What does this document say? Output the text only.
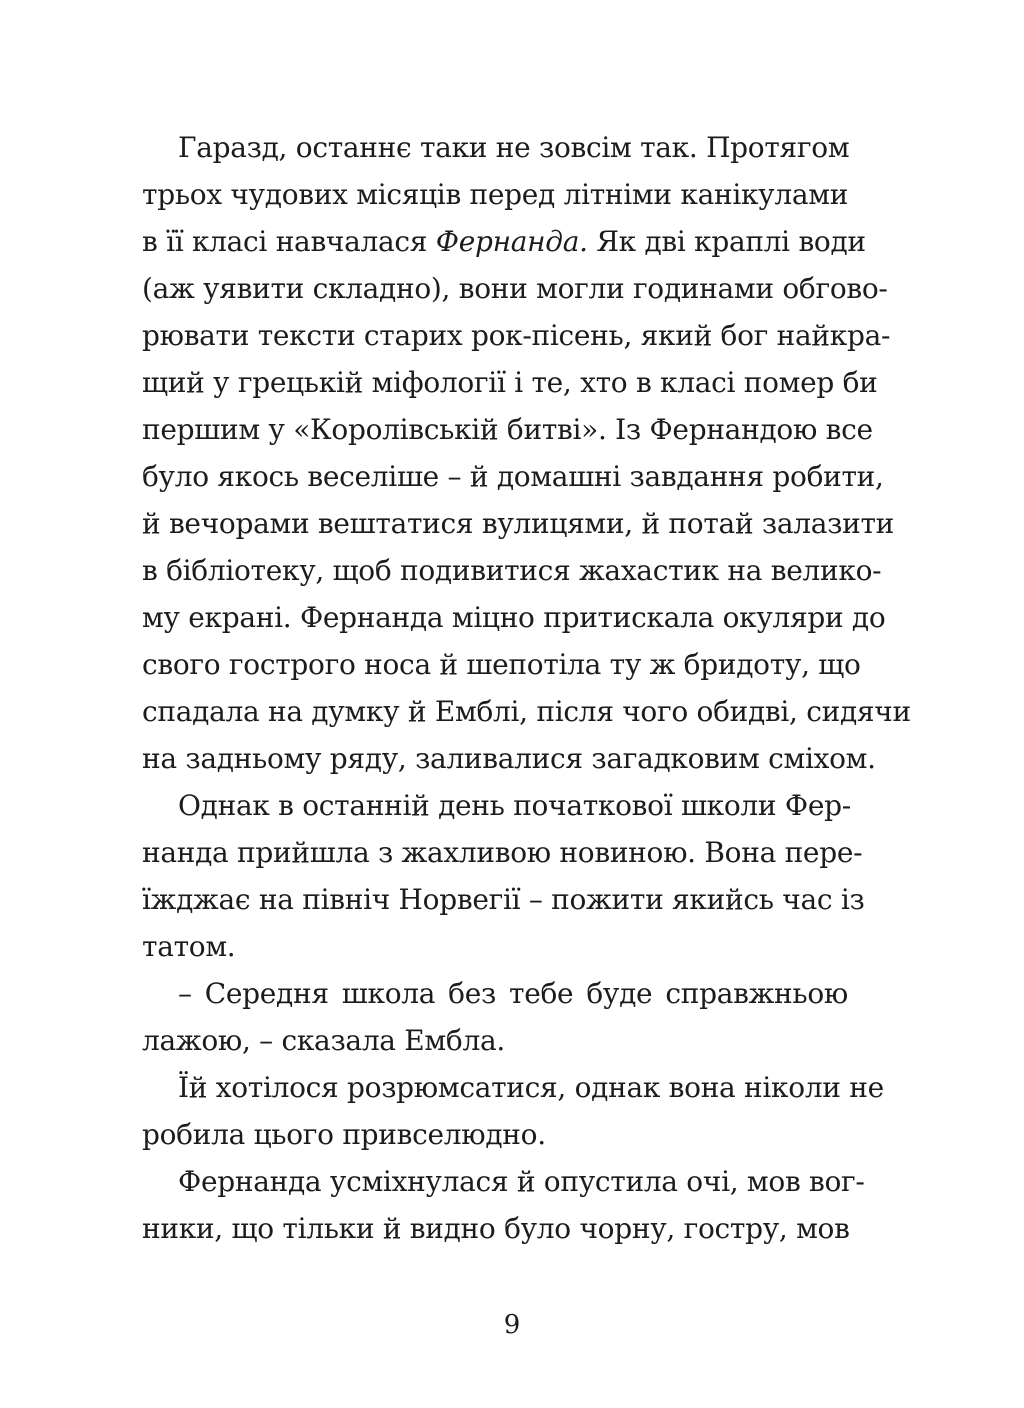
Гаразд, останнє таки не зовсім так. Протягом
трьох чудових місяців перед літніми канікулами
в її класі навчалася Фернанда. Як дві краплі води
(аж уявити складно), вони могли годинами обгово-
рювати тексти старих рок-пісень, який бог найкра-
щий у грецькій міфології і те, хто в класі помер би
першим у «Королівській битві». Із Фернандою все
було якось веселіше – й домашні завдання робити,
й вечорами вештатися вулицями, й потай залазити
в бібліотеку, щоб подивитися жахастик на велико-
му екрані. Фернанда міцно притискала окуляри до
свого гострого носа й шепотіла ту ж бридоту, що
спадала на думку й Емблі, після чого обидві, сидячи
на задньому ряду, заливалися загадковим сміхом.
Однак в останній день початкової школи Фер-
нанда прийшла з жахливою новиною. Вона пере-
їжджає на північ Норвегії – пожити якийсь час із
татом.
– Середня школа без тебе буде справжньою
лажою, – сказала Ембла.
Їй хотілося розрюмсатися, однак вона ніколи не
робила цього привселюдно.
Фернанда усміхнулася й опустила очі, мов вог-
ники, що тільки й видно було чорну, гостру, мов
9
